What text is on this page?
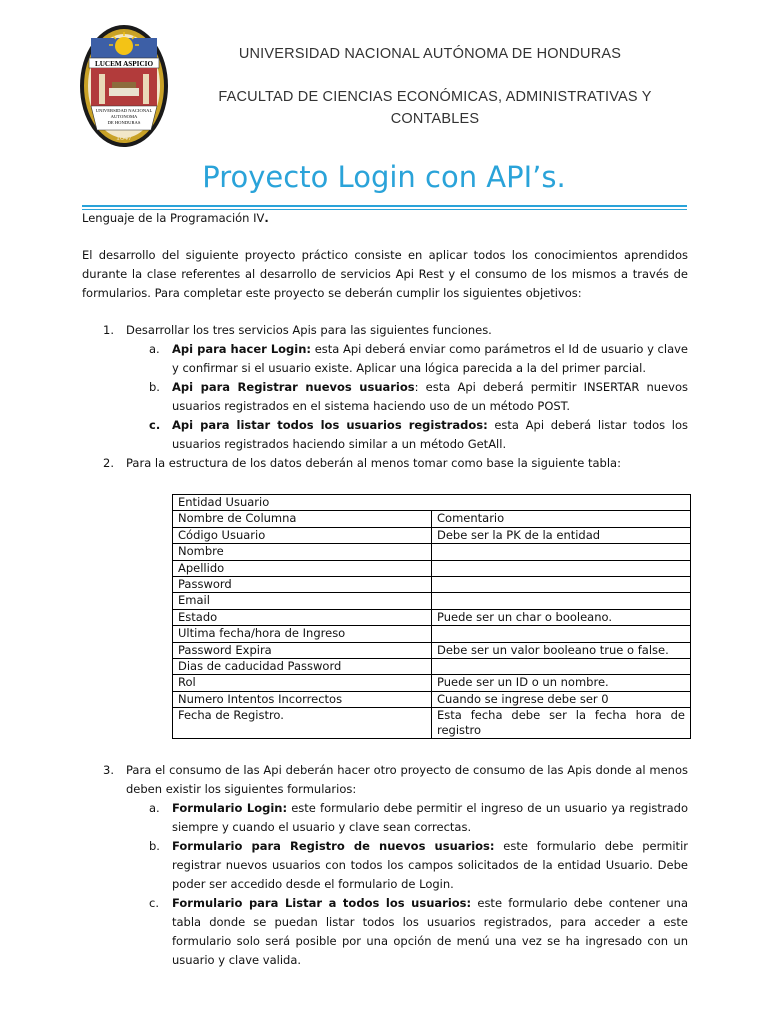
LUCEM ASPICIO
UNIVERSIDAD NACIONAL
AUTONOMA
DE HONDURAS
1847
UNIVERSIDAD NACIONAL AUTÓNOMA DE HONDURAS
FACULTAD DE CIENCIAS ECONÓMICAS, ADMINISTRATIVAS Y
CONTABLES
Proyecto Login con API’s.
Lenguaje de la Programación IV.
El desarrollo del siguiente proyecto práctico consiste en aplicar todos los conocimientos aprendidos durante la clase referentes al desarrollo de servicios Api Rest y el consumo de los mismos a través de formularios. Para completar este proyecto se deberán cumplir los siguientes objetivos:
1. Desarrollar los tres servicios Apis para las siguientes funciones.
a. Api para hacer Login: esta Api deberá enviar como parámetros el Id de usuario y clave y confirmar si el usuario existe. Aplicar una lógica parecida a la del primer parcial.
b. Api para Registrar nuevos usuarios: esta Api deberá permitir INSERTAR nuevos usuarios registrados en el sistema haciendo uso de un método POST.
c. Api para listar todos los usuarios registrados: esta Api deberá listar todos los usuarios registrados haciendo similar a un método GetAll.
2. Para la estructura de los datos deberán al menos tomar como base la siguiente tabla:
Entidad Usuario	
Nombre de Columna	Comentario
Código Usuario	Debe ser la PK de la entidad
Nombre	
Apellido	
Password	
Email	
Estado	Puede ser un char o booleano.
Ultima fecha/hora de Ingreso	
Password Expira	Debe ser un valor booleano true o false.
Dias de caducidad Password	
Rol	Puede ser un ID o un nombre.
Numero Intentos Incorrectos	Cuando se ingrese debe ser 0
Fecha de Registro.	Esta fecha debe ser la fecha hora de registro
3. Para el consumo de las Api deberán hacer otro proyecto de consumo de las Apis donde al menos deben existir los siguientes formularios:
a. Formulario Login: este formulario debe permitir el ingreso de un usuario ya registrado siempre y cuando el usuario y clave sean correctas.
b. Formulario para Registro de nuevos usuarios: este formulario debe permitir registrar nuevos usuarios con todos los campos solicitados de la entidad Usuario. Debe poder ser accedido desde el formulario de Login.
c. Formulario para Listar a todos los usuarios: este formulario debe contener una tabla donde se puedan listar todos los usuarios registrados, para acceder a este formulario solo será posible por una opción de menú una vez se ha ingresado con un usuario y clave valida.
